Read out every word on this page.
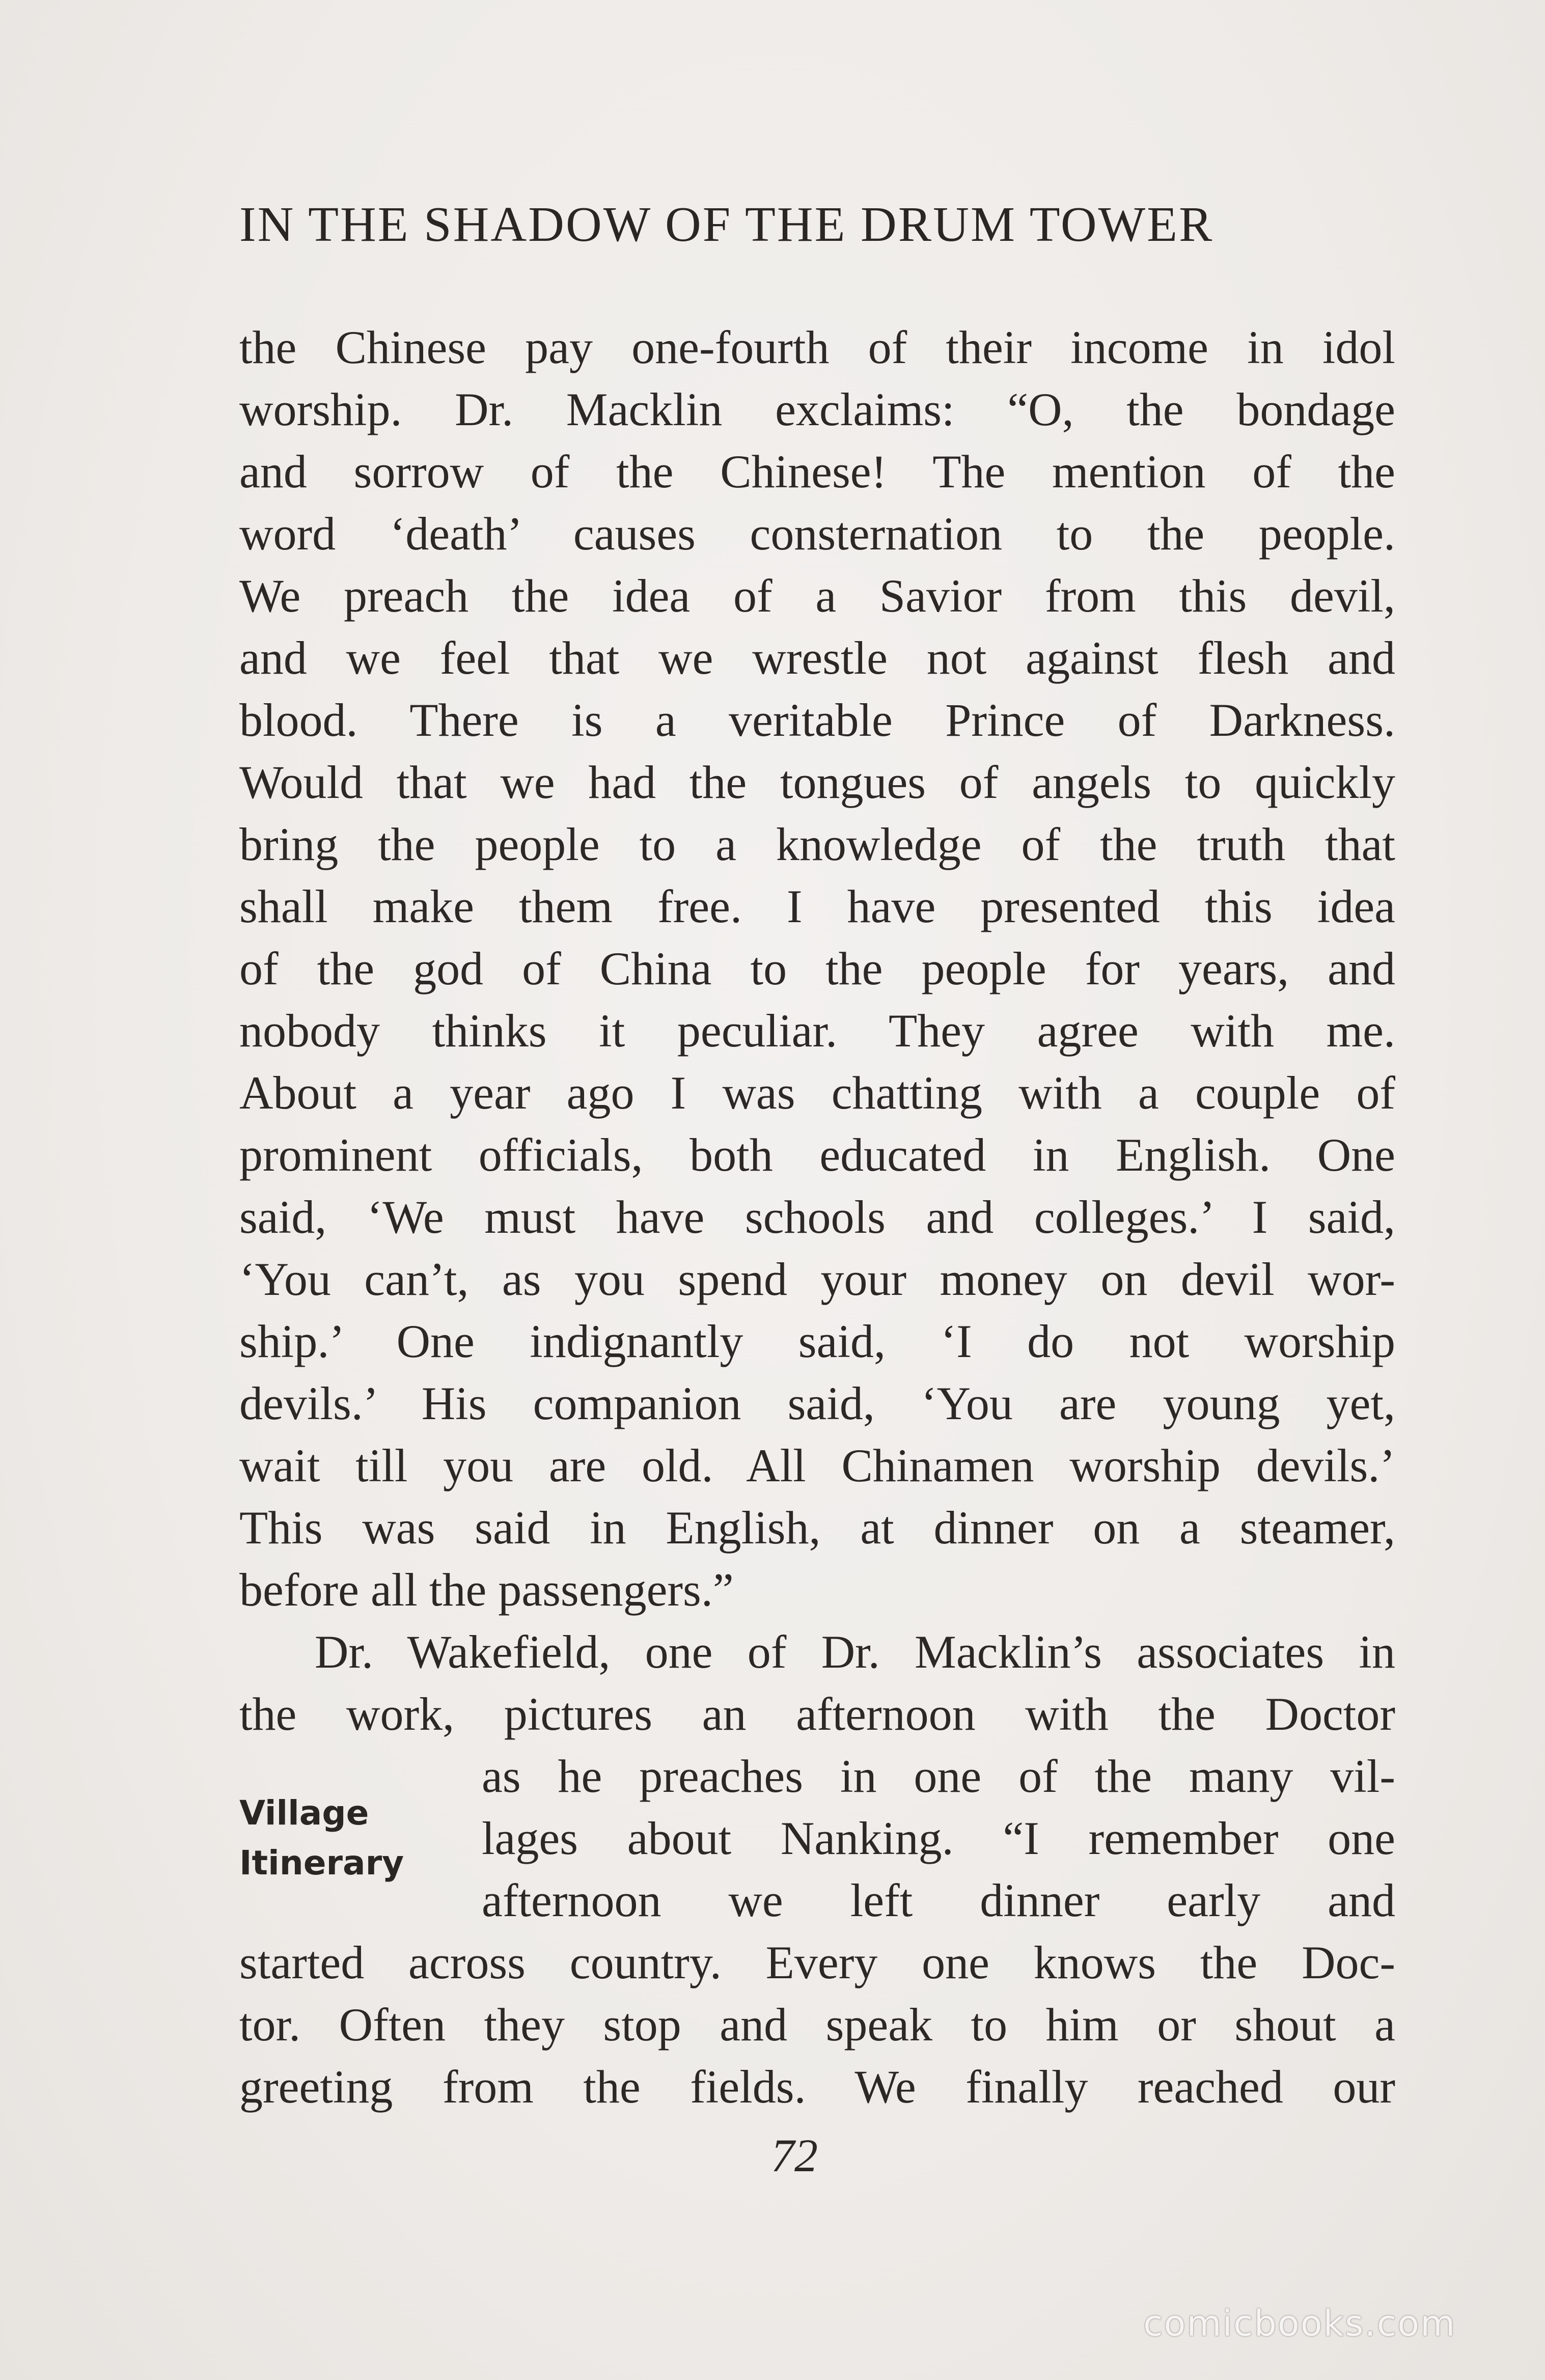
IN THE SHADOW OF THE DRUM TOWER
the Chinese pay one-fourth of their income in idol
worship. Dr. Macklin exclaims: “O, the bondage
and sorrow of the Chinese! The mention of the
word ‘death’ causes consternation to the people.
We preach the idea of a Savior from this devil,
and we feel that we wrestle not against flesh and
blood. There is a veritable Prince of Darkness.
Would that we had the tongues of angels to quickly
bring the people to a knowledge of the truth that
shall make them free. I have presented this idea
of the god of China to the people for years, and
nobody thinks it peculiar. They agree with me.
About a year ago I was chatting with a couple of
prominent officials, both educated in English. One
said, ‘We must have schools and colleges.’ I said,
‘You can’t, as you spend your money on devil wor-
ship.’ One indignantly said, ‘I do not worship
devils.’ His companion said, ‘You are young yet,
wait till you are old. All Chinamen worship devils.’
This was said in English, at dinner on a steamer,
before all the passengers.”
Dr. Wakefield, one of Dr. Macklin’s associates in
the work, pictures an afternoon with the Doctor
as he preaches in one of the many vil-
lages about Nanking. “I remember one
afternoon we left dinner early and
started across country. Every one knows the Doc-
tor. Often they stop and speak to him or shout a
greeting from the fields. We finally reached our
Village
Itinerary
72
comicbooks.com
